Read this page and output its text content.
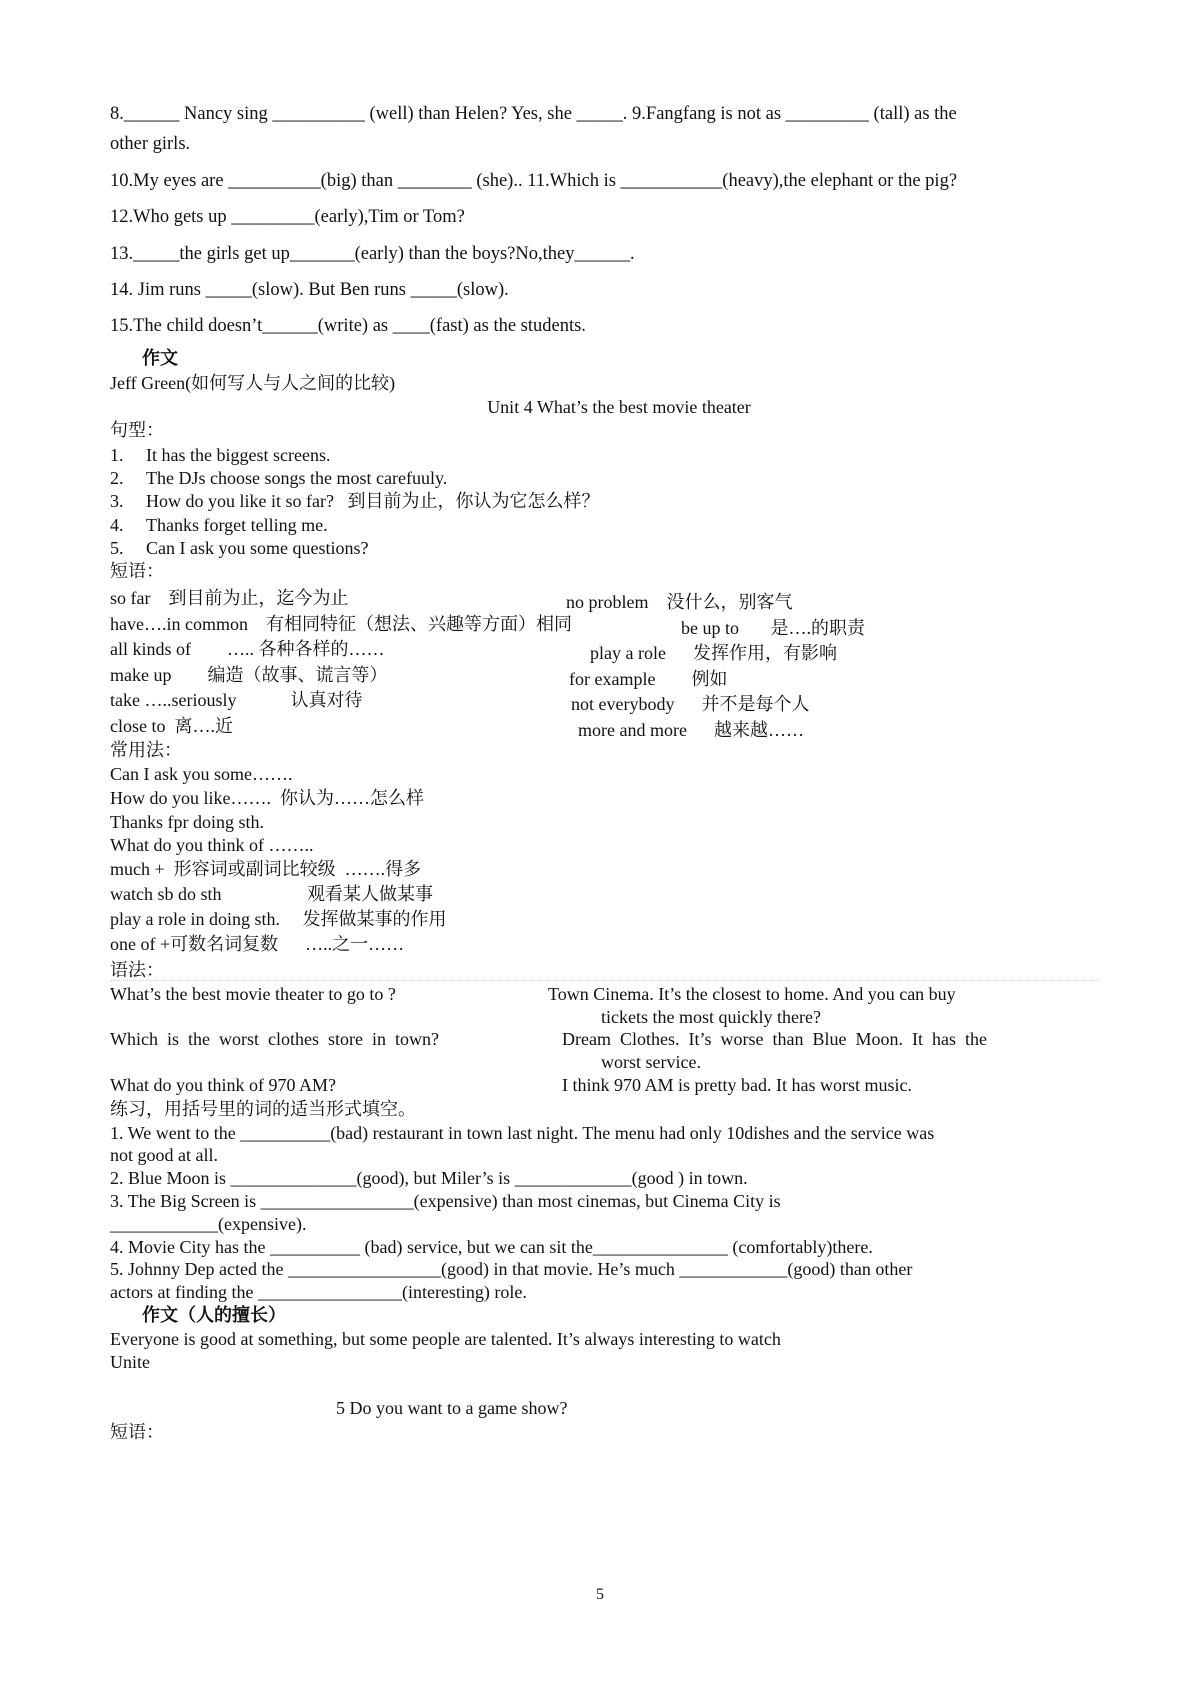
8.______ Nancy sing __________ (well) than Helen? Yes, she _____. 9.Fangfang is not as _________ (tall) as the
other girls.
10.My eyes are __________(big) than ________ (she).. 11.Which is ___________(heavy),the elephant or the pig?
12.Who gets up _________(early),Tim or Tom?
13._____the girls get up_______(early) than the boys?No,they______.
14. Jim runs _____(slow). But Ben runs _____(slow).
15.The child doesn’t______(write) as ____(fast) as the students.
作文
Jeff Green(如何写人与人之间的比较)
Unit 4 What’s the best movie theater
句型：
1. It has the biggest screens.
2. The DJs choose songs the most carefuuly.
3. How do you like it so far?   到目前为止，你认为它怎么样？
4. Thanks forget telling me.
5. Can I ask you some questions?
短语：
so far    到目前为止，迄今为止
have….in common    有相同特征（想法、兴趣等方面）相同
all kinds of        ….. 各种各样的……
make up        编造（故事、谎言等）
take …..seriously            认真对待
close to  离….近
no problem    没什么，别客气
be up to       是….的职责
play a role      发挥作用，有影响
for example        例如
not everybody      并不是每个人
more and more      越来越……
常用法：
Can I ask you some…….
How do you like…….  你认为……怎么样
Thanks fpr doing sth.
What do you think of ……..
much +  形容词或副词比较级  …….得多
watch sb do sth                   观看某人做某事
play a role in doing sth.     发挥做某事的作用
one of +可数名词复数      …..之一……
语法：
What’s the best movie theater to go to ?	Town Cinema. It’s the closest to home. And you can buy
tickets the most quickly there?
Which  is  the  worst  clothes  store  in  town?	Dream  Clothes.  It’s  worse  than  Blue  Moon.  It  has  the
worst service.
What do you think of 970 AM?	I think 970 AM is pretty bad. It has worst music.
练习，用括号里的词的适当形式填空。
1. We went to the __________(bad) restaurant in town last night. The menu had only 10dishes and the service was
not good at all.
2. Blue Moon is ______________(good), but Miler’s is _____________(good ) in town.
3. The Big Screen is _________________(expensive) than most cinemas, but Cinema City is
____________(expensive).
4. Movie City has the __________ (bad) service, but we can sit the_______________ (comfortably)there.
5. Johnny Dep acted the _________________(good) in that movie. He’s much ____________(good) than other
actors at finding the ________________(interesting) role.
作文（人的擅长）
Everyone is good at something, but some people are talented. It’s always interesting to watch
Unite
5 Do you want to a game show?
短语：
5
